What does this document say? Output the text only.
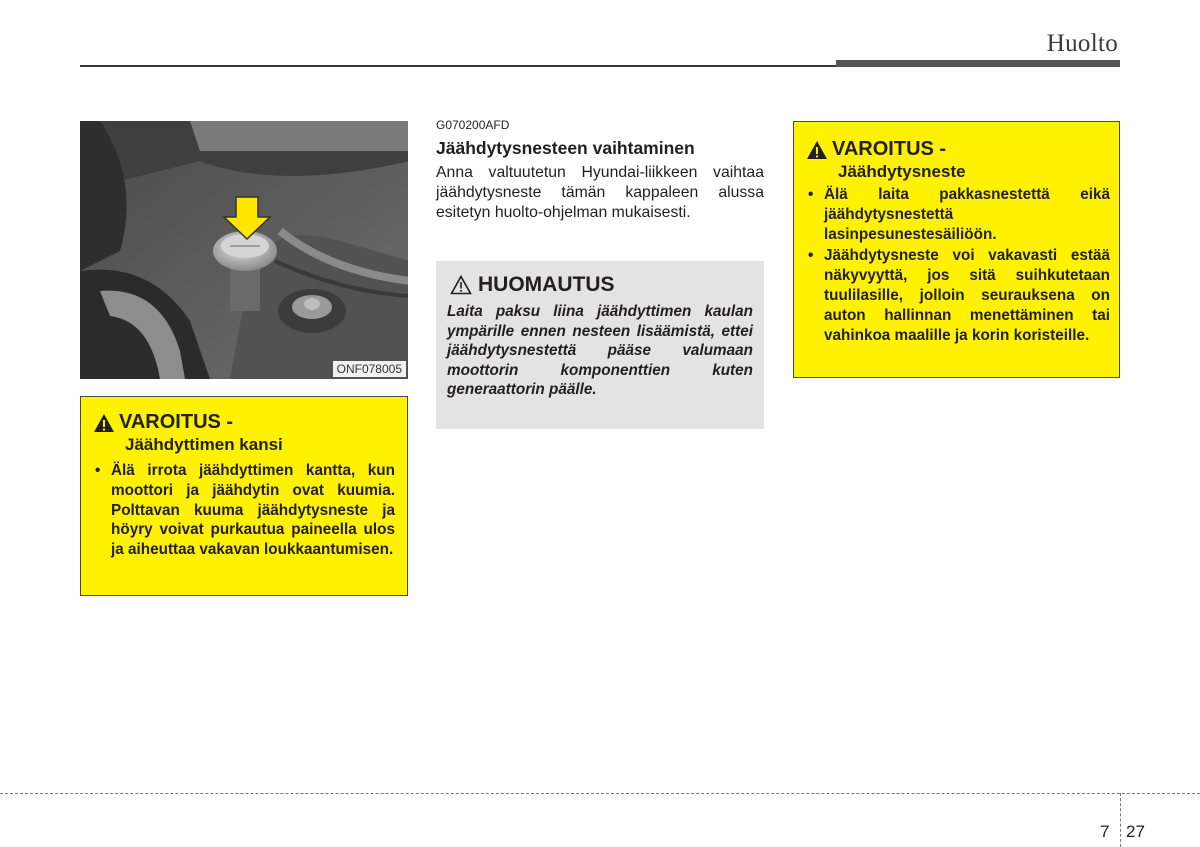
Huolto
ONF078005
VAROITUS -
Jäähdyttimen kansi
• Älä irrota jäähdyttimen kantta, kun moottori ja jäähdytin ovat kuumia. Polttavan kuuma jäähdytysneste ja höyry voivat purkautua paineella ulos ja aiheuttaa vakavan loukkaantumisen.
G070200AFD
Jäähdytysnesteen vaihtaminen
Anna valtuutetun Hyundai-liikkeen vaihtaa jäähdytysneste tämän kappaleen alussa esitetyn huolto-ohjelman mukaisesti.
HUOMAUTUS
Laita paksu liina jäähdyttimen kaulan ympärille ennen nesteen lisäämistä, ettei jäähdytysnestettä pääse valumaan moottorin komponenttien kuten generaattorin päälle.
VAROITUS -
Jäähdytysneste
• Älä laita pakkasnestettä eikä jäähdytysnestettä lasinpesunestesäiliöön.
• Jäähdytysneste voi vakavasti estää näkyvyyttä, jos sitä suihkutetaan tuulilasille, jolloin seurauksena on auton hallinnan menettäminen tai vahinkoa maalille ja korin koristeille.
7 27
